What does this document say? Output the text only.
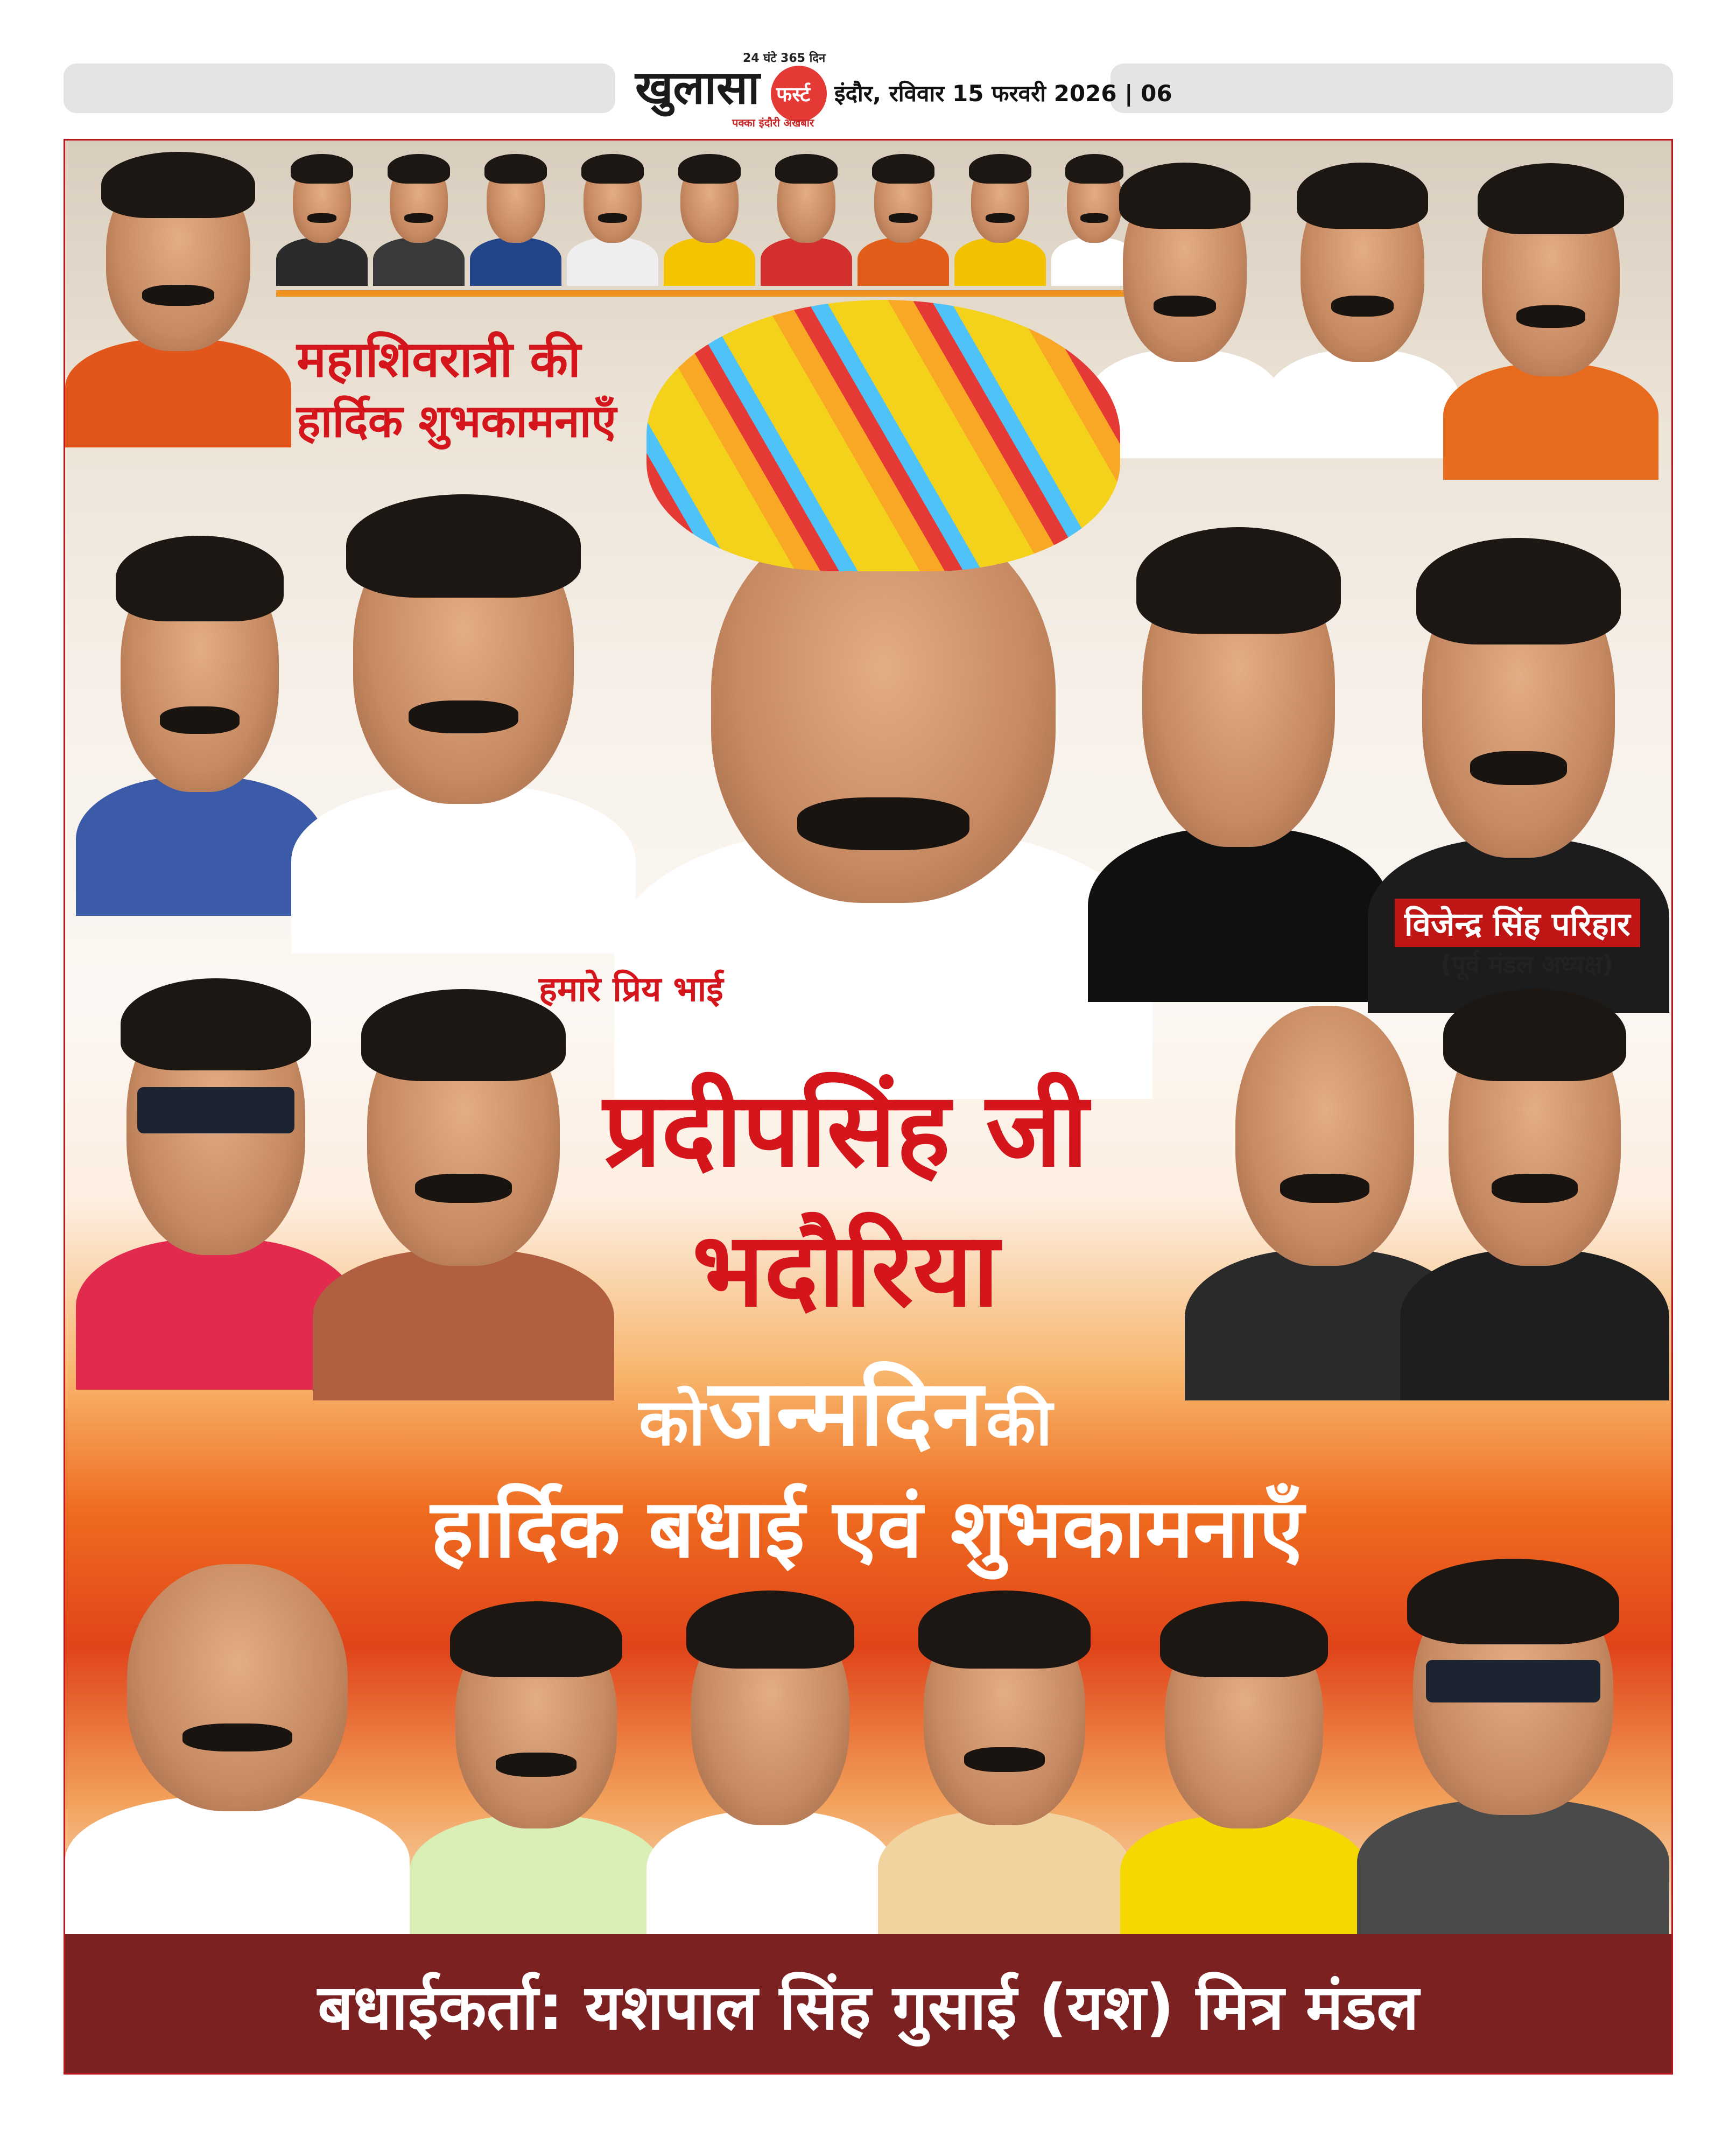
24 घंटे 365 दिन
खुलासा फर्स्ट
पक्का इंदौरी अखबार
इंदौर, रविवार 15 फरवरी 2026 | 06
महाशिवरात्री की
हार्दिक शुभकामनाएँ
विजेन्द्र सिंह परिहार
(पूर्व मंडल अध्यक्ष)
हमारे प्रिय भाई
प्रदीपसिंह जी
भदौरिया
को जन्मदिन की
हार्दिक बधाई एवं शुभकामनाएँ
बधाईकर्ता: यशपाल सिंह गुसाई (यश) मित्र मंडल
